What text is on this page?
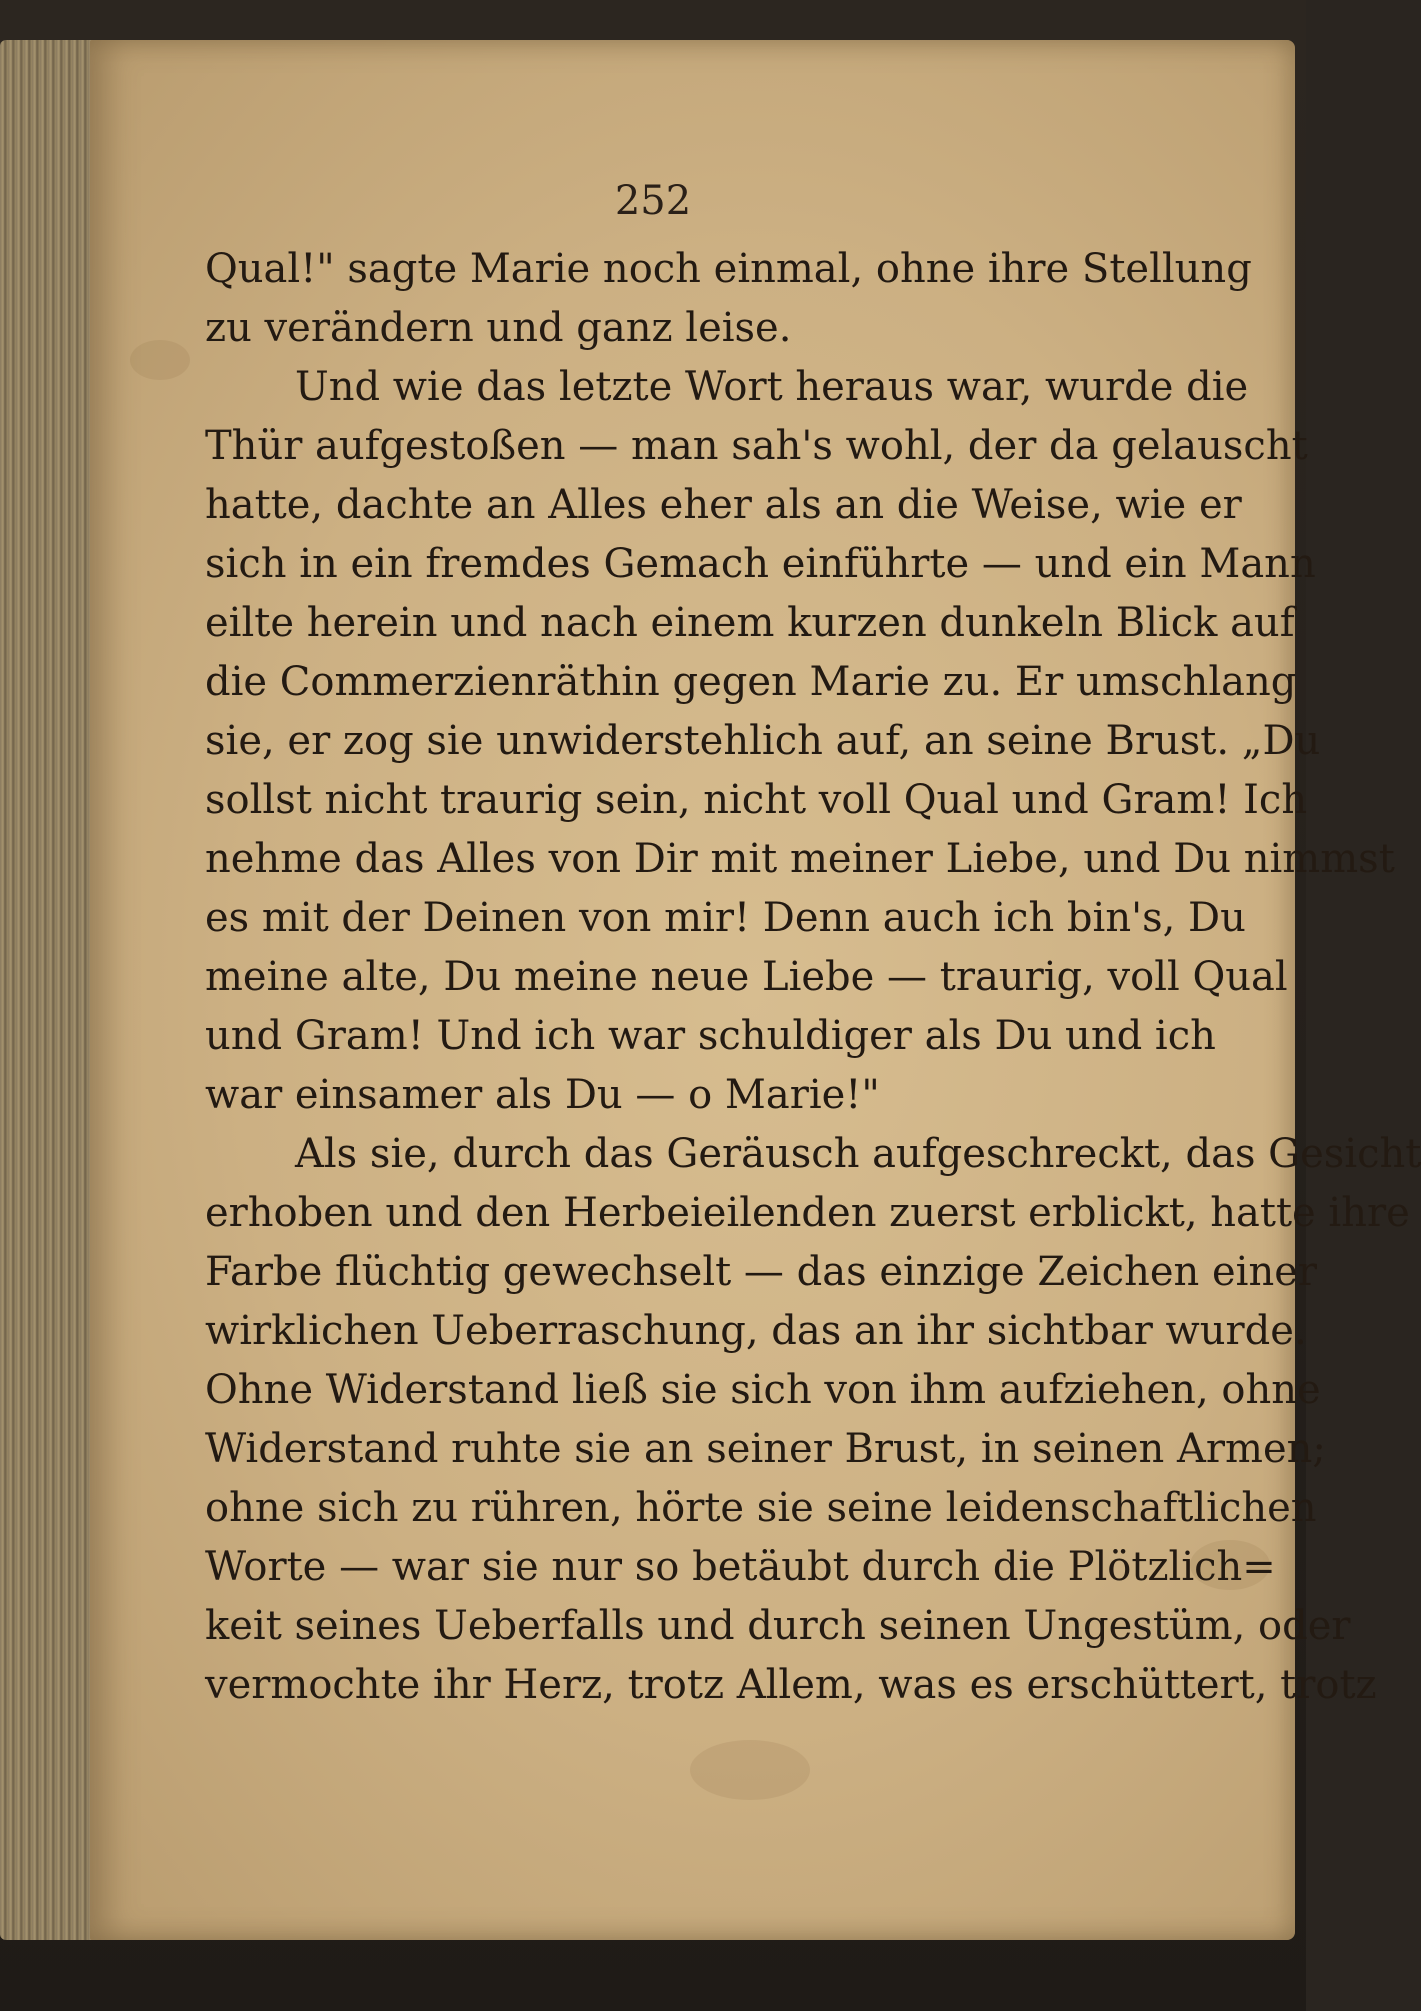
252
Qual!" sagte Marie noch einmal, ohne ihre Stellung
zu verändern und ganz leise.
Und wie das letzte Wort heraus war, wurde die
Thür aufgestoßen — man sah's wohl, der da gelauscht
hatte, dachte an Alles eher als an die Weise, wie er
sich in ein fremdes Gemach einführte — und ein Mann
eilte herein und nach einem kurzen dunkeln Blick auf
die Commerzienräthin gegen Marie zu. Er umschlang
sie, er zog sie unwiderstehlich auf, an seine Brust. „Du
sollst nicht traurig sein, nicht voll Qual und Gram! Ich
nehme das Alles von Dir mit meiner Liebe, und Du nimmst
es mit der Deinen von mir! Denn auch ich bin's, Du
meine alte, Du meine neue Liebe — traurig, voll Qual
und Gram! Und ich war schuldiger als Du und ich
war einsamer als Du — o Marie!"
Als sie, durch das Geräusch aufgeschreckt, das Gesicht
erhoben und den Herbeieilenden zuerst erblickt, hatte ihre
Farbe flüchtig gewechselt — das einzige Zeichen einer
wirklichen Ueberraschung, das an ihr sichtbar wurde.
Ohne Widerstand ließ sie sich von ihm aufziehen, ohne
Widerstand ruhte sie an seiner Brust, in seinen Armen;
ohne sich zu rühren, hörte sie seine leidenschaftlichen
Worte — war sie nur so betäubt durch die Plötzlich=
keit seines Ueberfalls und durch seinen Ungestüm, oder
vermochte ihr Herz, trotz Allem, was es erschüttert, trotz
